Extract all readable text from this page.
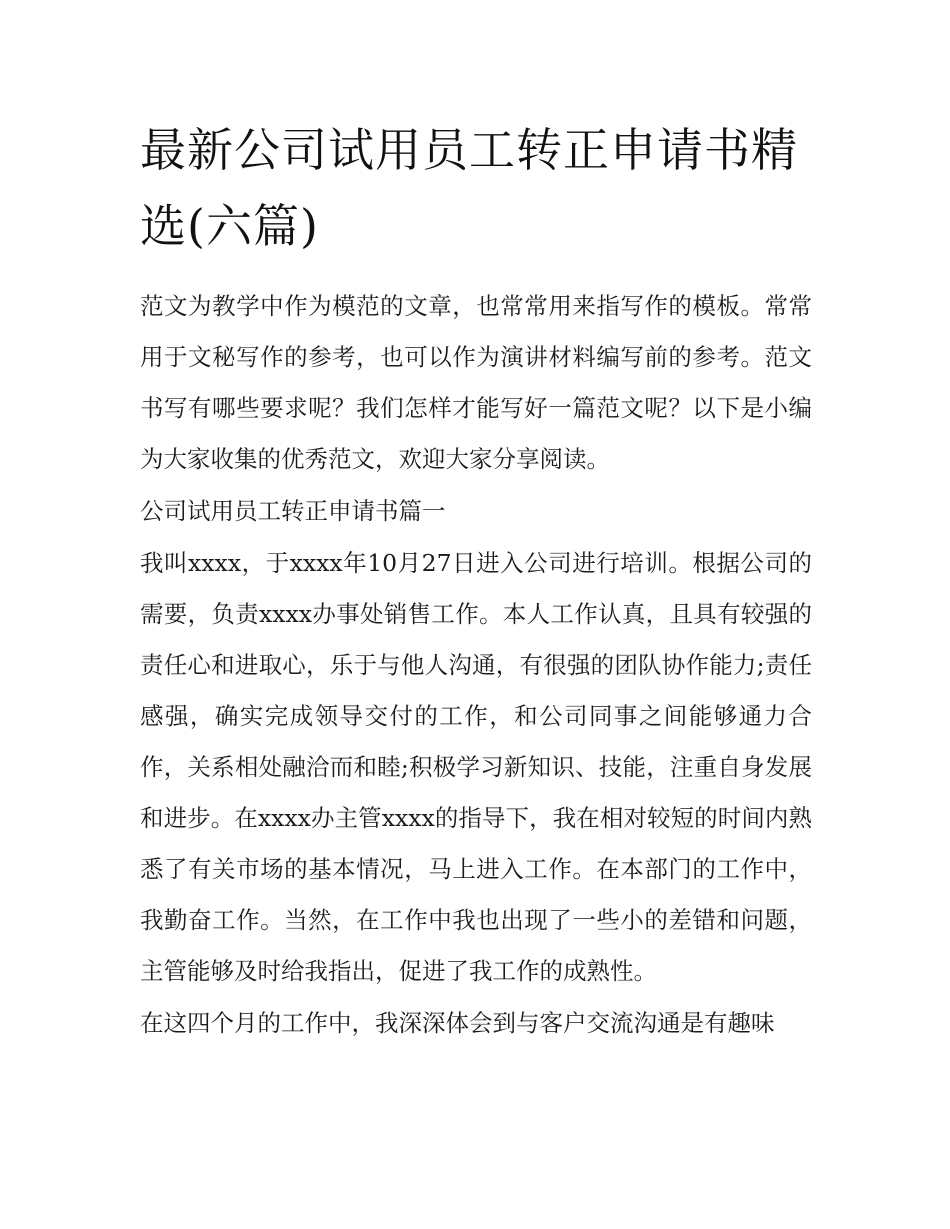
最新公司试用员工转正申请书精选(六篇)

范文为教学中作为模范的文章，也常常用来指写作的模板。常常用于文秘写作的参考，也可以作为演讲材料编写前的参考。范文书写有哪些要求呢？我们怎样才能写好一篇范文呢？以下是小编为大家收集的优秀范文，欢迎大家分享阅读。

公司试用员工转正申请书篇一

我叫xxxx，于xxxx年10月27日进入公司进行培训。根据公司的需要，负责xxxx办事处销售工作。本人工作认真，且具有较强的责任心和进取心，乐于与他人沟通，有很强的团队协作能力;责任感强，确实完成领导交付的工作，和公司同事之间能够通力合作，关系相处融洽而和睦;积极学习新知识、技能，注重自身发展和进步。在xxxx办主管xxxx的指导下，我在相对较短的时间内熟悉了有关市场的基本情况，马上进入工作。在本部门的工作中，我勤奋工作。当然，在工作中我也出现了一些小的差错和问题，主管能够及时给我指出，促进了我工作的成熟性。

在这四个月的工作中，我深深体会到与客户交流沟通是有趣味
